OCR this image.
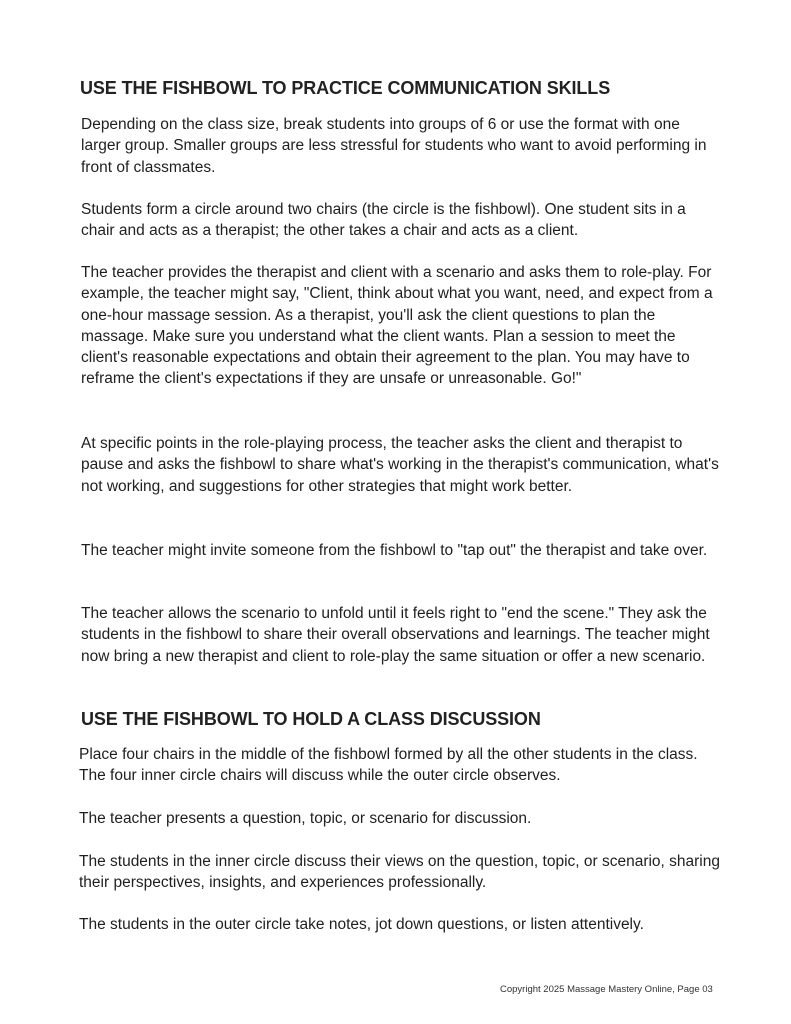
USE THE FISHBOWL TO PRACTICE COMMUNICATION SKILLS

Depending on the class size, break students into groups of 6 or use the format with one larger group. Smaller groups are less stressful for students who want to avoid performing in front of classmates.

Students form a circle around two chairs (the circle is the fishbowl). One student sits in a chair and acts as a therapist; the other takes a chair and acts as a client.

The teacher provides the therapist and client with a scenario and asks them to role-play. For example, the teacher might say, "Client, think about what you want, need, and expect from a one-hour massage session. As a therapist, you'll ask the client questions to plan the massage. Make sure you understand what the client wants. Plan a session to meet the client's reasonable expectations and obtain their agreement to the plan. You may have to reframe the client's expectations if they are unsafe or unreasonable. Go!"

At specific points in the role-playing process, the teacher asks the client and therapist to pause and asks the fishbowl to share what's working in the therapist's communication, what's not working, and suggestions for other strategies that might work better.

The teacher might invite someone from the fishbowl to "tap out" the therapist and take over.

The teacher allows the scenario to unfold until it feels right to "end the scene." They ask the students in the fishbowl to share their overall observations and learnings. The teacher might now bring a new therapist and client to role-play the same situation or offer a new scenario.

USE THE FISHBOWL TO HOLD A CLASS DISCUSSION

Place four chairs in the middle of the fishbowl formed by all the other students in the class. The four inner circle chairs will discuss while the outer circle observes.

The teacher presents a question, topic, or scenario for discussion.

The students in the inner circle discuss their views on the question, topic, or scenario, sharing their perspectives, insights, and experiences professionally.

The students in the outer circle take notes, jot down questions, or listen attentively.

Copyright 2025 Massage Mastery Online, Page 03
